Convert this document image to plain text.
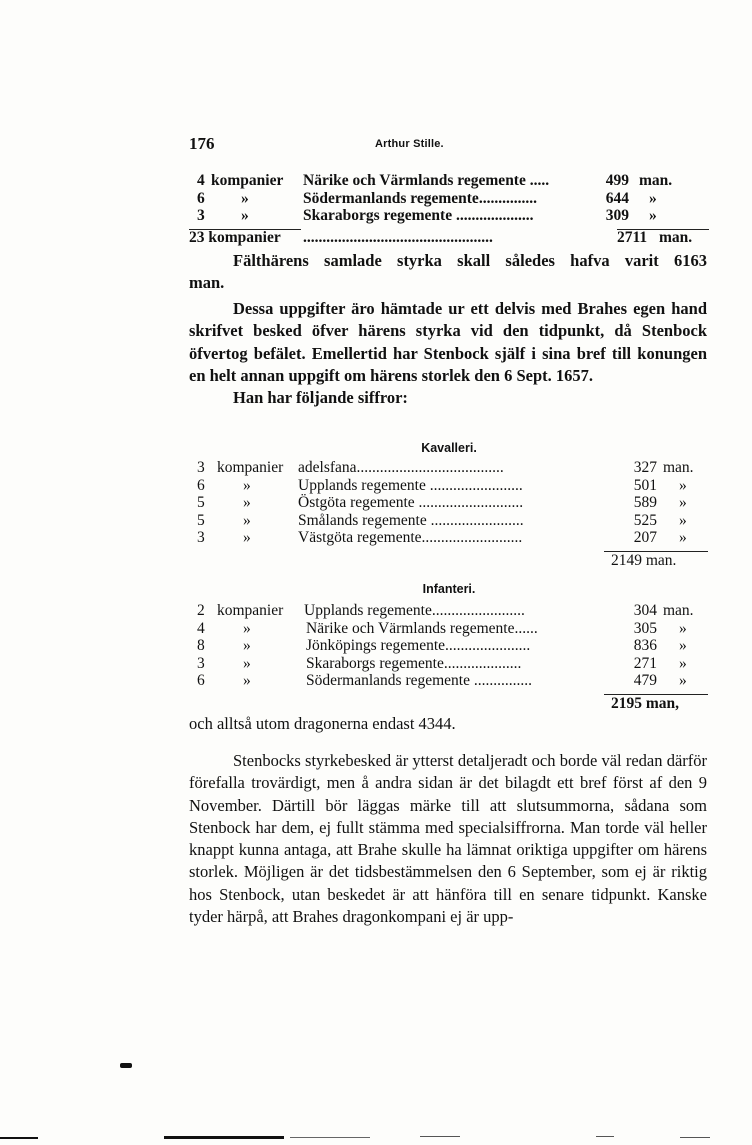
176	Arthur Stille.
4 kompanier Närike och Värmlands regemente .....	499 man.
6 »	Södermanlands regemente...............	644 »
3 »	Skaraborgs regemente ....................	309 »
23 kompanier .................................................	2711 man.

Fälthärens samlade styrka skall således hafva varit 6163

man.

Dessa uppgifter äro hämtade ur ett delvis med Brahes egen hand skrifvet besked öfver härens styrka vid den tidpunkt, då Stenbock öfvertog befälet. Emellertid har Stenbock själf i sina bref till konungen en helt annan uppgift om härens storlek den 6 Sept. 1657.

Han har följande siffror:

Kavalleri.
3 kompanier adelsfana......................................	327 man.
6 »	Upplands regemente ........................	501 »
5 »	Östgöta regemente ...........................	589 »
5 »	Smålands regemente ........................	525 »
3 »	Västgöta regemente..........................	207 »
2149 man.
Infanteri.
2 kompanier Upplands regemente........................	304 man.
4 »	Närike och Värmlands regemente......	305 »
8 »	Jönköpings regemente......................	836 »
3 »	Skaraborgs regemente....................	271 »
6 »	Södermanlands regemente ...............	479 »
2195 man,

och alltså utom dragonerna endast 4344.

Stenbocks styrkebesked är ytterst detaljeradt och borde väl redan därför förefalla trovärdigt, men å andra sidan är det bilagdt ett bref först af den 9 November. Därtill bör läggas märke till att slutsummorna, sådana som Stenbock har dem, ej fullt stämma med specialsiffrorna. Man torde väl heller knappt kunna antaga, att Brahe skulle ha lämnat oriktiga uppgifter om härens storlek. Möjligen är det tidsbestämmelsen den 6 September, som ej är riktig hos Stenbock, utan beskedet är att hänföra till en senare tidpunkt. Kanske tyder härpå, att Brahes dragonkompani ej är upp-
